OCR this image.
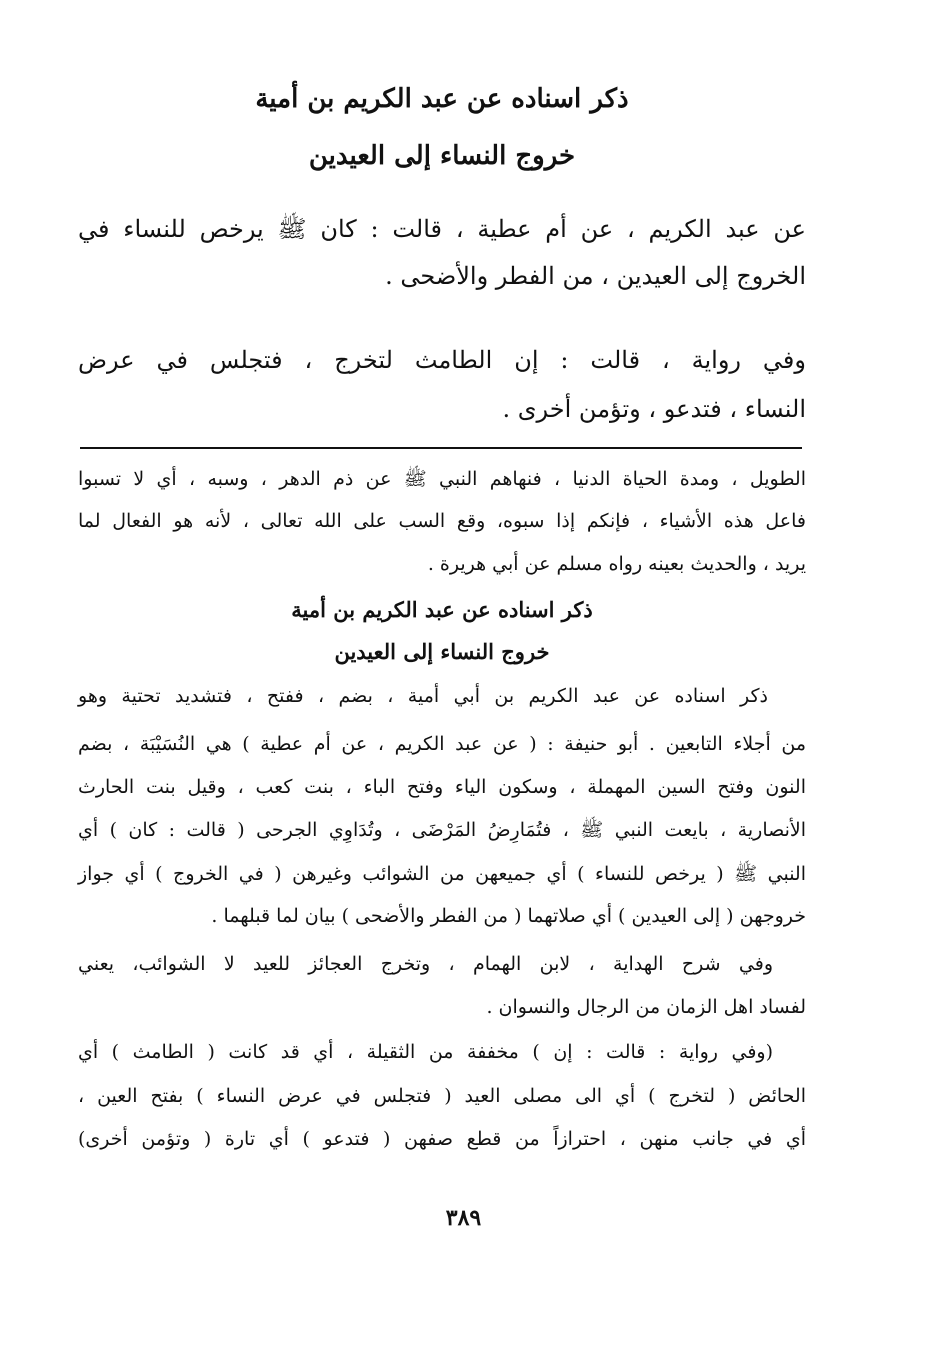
ذكر اسناده عن عبد الكريم بن أمية
خروج النساء إلى العيدين
عن عبد الكريم ، عن أم عطية ، قالت : كان ﷺ يرخص للنساء في
الخروج إلى العيدين ، من الفطر والأضحى .
وفي رواية ، قالت : إن الطامث لتخرج ، فتجلس في عرض
النساء ، فتدعو ، وتؤمن أخرى .
الطويل ، ومدة الحياة الدنيا ، فنهاهم النبي ﷺ عن ذم الدهر ، وسبه ، أي لا تسبوا
فاعل هذه الأشياء ، فإنكم إذا سبوه، وقع السب على الله تعالى ، لأنه هو الفعال لما
يريد ، والحديث بعينه رواه مسلم عن أبي هريرة .
ذكر اسناده عن عبد الكريم بن أمية
خروج النساء إلى العيدين
ذكر اسناده عن عبد الكريم بن أبي أمية ، بضم ، ففتح ، فتشديد تحتية وهو
من أجلاء التابعين . أبو حنيفة : ( عن عبد الكريم ، عن أم عطية ) هي النُسَيْبَة ، بضم
النون وفتح السين المهملة ، وسكون الياء وفتح الباء ، بنت كعب ، وقيل بنت الحارث
الأنصارية ، بايعت النبي ﷺ ، فتُمَارِضُ المَرْضَى ، وتُدَاوِي الجرحى ( قالت : كان ) أي
النبي ﷺ ( يرخص للنساء ) أي جميعهن من الشوائب وغيرهن ( في الخروج ) أي جواز
خروجهن ( إلى العيدين ) أي صلاتهما ( من الفطر والأضحى ) بيان لما قبلهما .
وفي شرح الهداية ، لابن الهمام ، وتخرج العجائز للعيد لا الشوائب، يعني
لفساد اهل الزمان من الرجال والنسوان .
(وفي رواية : قالت : إن ) مخففة من الثقيلة ، أي قد كانت ( الطامث ) أي
الحائض ( لتخرج ) أي الى مصلى العيد ( فتجلس في عرض النساء ) بفتح العين ،
أي في جانب منهن ، احترازاً من قطع صفهن ( فتدعو ) أي تارة ( وتؤمن أخرى)
٣٨٩
